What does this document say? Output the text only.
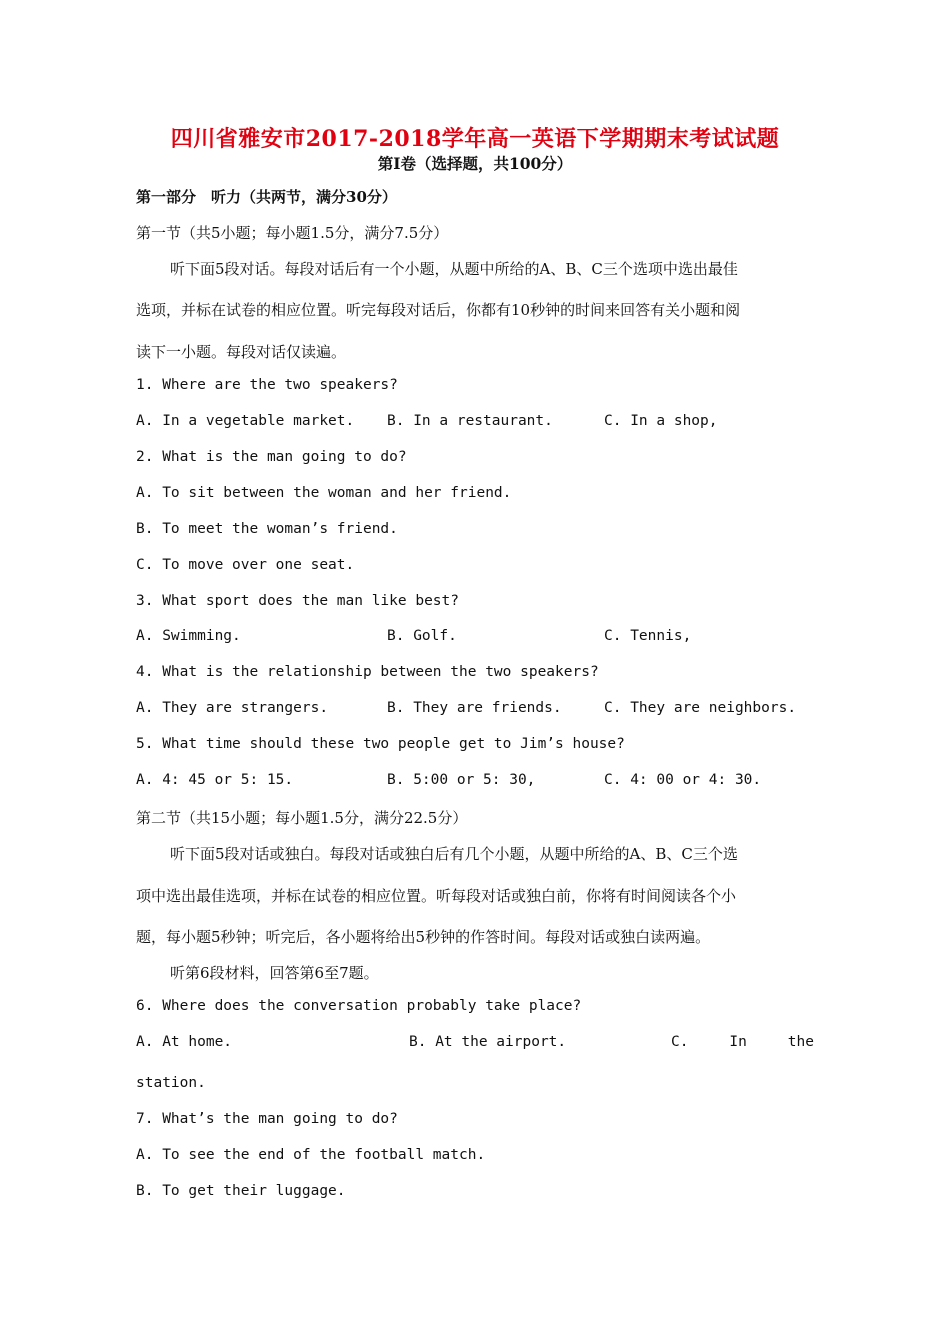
四川省雅安市2017-2018学年高一英语下学期期末考试试题
第Ⅰ卷（选择题，共100分）
第一部分　听力（共两节，满分30分）
第一节（共5小题；每小题1.5分，满分7.5分）
听下面5段对话。每段对话后有一个小题，从题中所给的A、B、C三个选项中选出最佳
选项，并标在试卷的相应位置。听完每段对话后，你都有10秒钟的时间来回答有关小题和阅
读下一小题。每段对话仅读遍。
1. Where are the two speakers?
A. In a vegetable market. B. In a restaurant.	C. In a shop,
2. What is the man going to do?
A. To sit between the woman and her friend.
B. To meet the woman’s friend.
C. To move over one seat.
3. What sport does the man like best?
A. Swimming.	B. Golf.	C. Tennis,
4. What is the relationship between the two speakers?
A. They are strangers.	B. They are friends.	C. They are neighbors.
5. What time should these two people get to Jim’s house?
A. 4: 45 or 5: 15.	B. 5:00 or 5: 30,	C. 4: 00 or 4: 30.
第二节（共15小题；每小题1.5分，满分22.5分）
听下面5段对话或独白。每段对话或独白后有几个小题，从题中所给的A、B、C三个选
项中选出最佳选项，并标在试卷的相应位置。听每段对话或独白前，你将有时间阅读各个小
题，每小题5秒钟；听完后，各小题将给出5秒钟的作答时间。每段对话或独白读两遍。
听第6段材料，回答第6至7题。
6. Where does the conversation probably take place?
A. At home.	B. At the airport.	C.	In	the
station.
7. What’s the man going to do?
A. To see the end of the football match.
B. To get their luggage.
